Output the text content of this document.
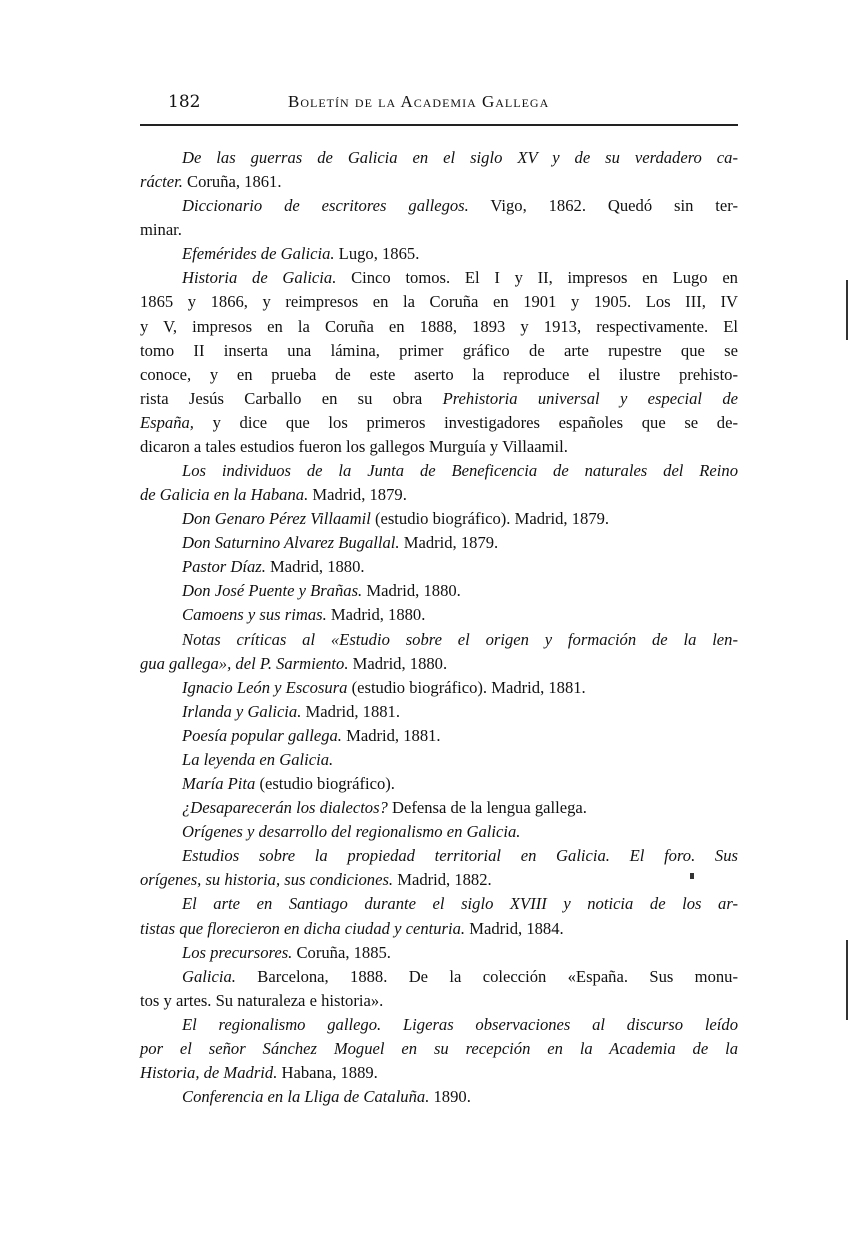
182	Boletín de la Academia Gallega
De las guerras de Galicia en el siglo XV y de su verdadero ca-
rácter. Coruña, 1861.
Diccionario de escritores gallegos. Vigo, 1862. Quedó sin ter-
minar.
Efemérides de Galicia. Lugo, 1865.
Historia de Galicia. Cinco tomos. El I y II, impresos en Lugo en
1865 y 1866, y reimpresos en la Coruña en 1901 y 1905. Los III, IV
y V, impresos en la Coruña en 1888, 1893 y 1913, respectivamente. El
tomo II inserta una lámina, primer gráfico de arte rupestre que se
conoce, y en prueba de este aserto la reproduce el ilustre prehisto-
rista Jesús Carballo en su obra Prehistoria universal y especial de
España, y dice que los primeros investigadores españoles que se de-
dicaron a tales estudios fueron los gallegos Murguía y Villaamil.
Los individuos de la Junta de Beneficencia de naturales del Reino
de Galicia en la Habana. Madrid, 1879.
Don Genaro Pérez Villaamil (estudio biográfico). Madrid, 1879.
Don Saturnino Alvarez Bugallal. Madrid, 1879.
Pastor Díaz. Madrid, 1880.
Don José Puente y Brañas. Madrid, 1880.
Camoens y sus rimas. Madrid, 1880.
Notas críticas al «Estudio sobre el origen y formación de la len-
gua gallega», del P. Sarmiento. Madrid, 1880.
Ignacio León y Escosura (estudio biográfico). Madrid, 1881.
Irlanda y Galicia. Madrid, 1881.
Poesía popular gallega. Madrid, 1881.
La leyenda en Galicia.
María Pita (estudio biográfico).
¿Desaparecerán los dialectos? Defensa de la lengua gallega.
Orígenes y desarrollo del regionalismo en Galicia.
Estudios sobre la propiedad territorial en Galicia. El foro. Sus
orígenes, su historia, sus condiciones. Madrid, 1882.
El arte en Santiago durante el siglo XVIII y noticia de los ar-
tistas que florecieron en dicha ciudad y centuria. Madrid, 1884.
Los precursores. Coruña, 1885.
Galicia. Barcelona, 1888. De la colección «España. Sus monu-
tos y artes. Su naturaleza e historia».
El regionalismo gallego. Ligeras observaciones al discurso leído
por el señor Sánchez Moguel en su recepción en la Academia de la
Historia, de Madrid. Habana, 1889.
Conferencia en la Lliga de Cataluña. 1890.
